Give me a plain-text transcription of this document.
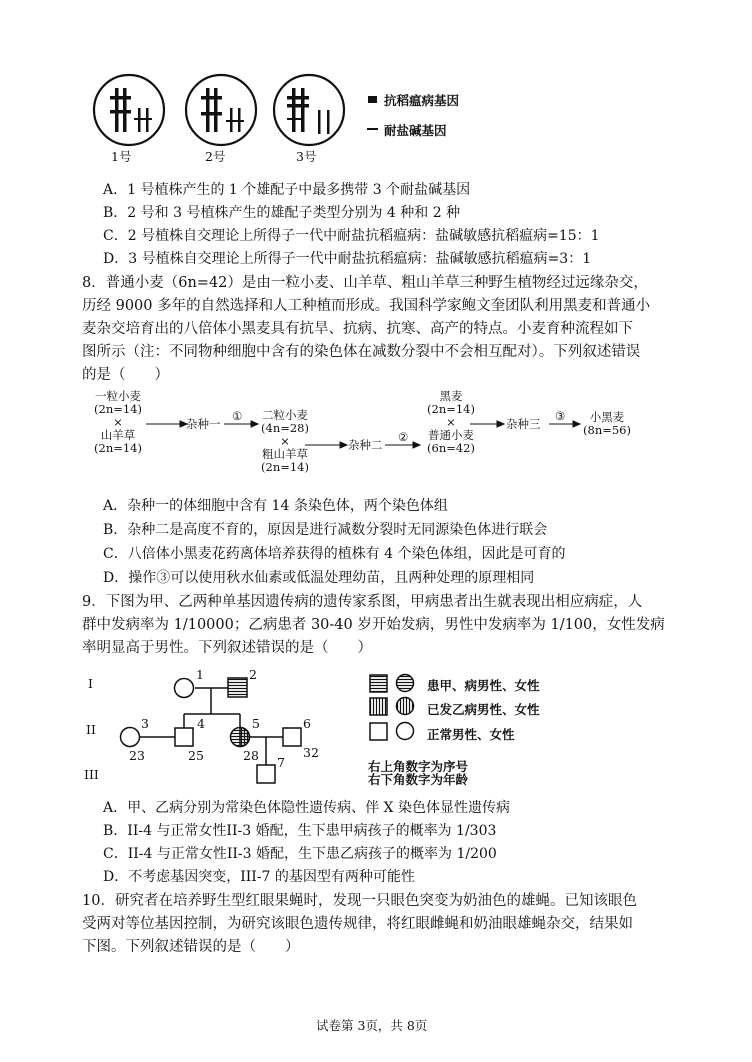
1号	2号	3号
抗稻瘟病基因
耐盐碱基因
A．1 号植株产生的 1 个雄配子中最多携带 3 个耐盐碱基因
B．2 号和 3 号植株产生的雄配子类型分别为 4 种和 2 种
C．2 号植株自交理论上所得子一代中耐盐抗稻瘟病：盐碱敏感抗稻瘟病=15：1
D．3 号植株自交理论上所得子一代中耐盐抗稻瘟病：盐碱敏感抗稻瘟病=3：1
8．普通小麦（6n=42）是由一粒小麦、山羊草、粗山羊草三种野生植物经过远缘杂交，
历经 9000 多年的自然选择和人工种植而形成。我国科学家鲍文奎团队利用黑麦和普通小
麦杂交培育出的八倍体小黑麦具有抗旱、抗病、抗寒、高产的特点。小麦育种流程如下
图所示（注：不同物种细胞中含有的染色体在减数分裂中不会相互配对）。下列叙述错误
的是（　　）
一粒小麦
(2n=14)
×
山羊草
(2n=14)
杂种一
①	二粒小麦
(4n=28)
×
粗山羊草
(2n=14)
杂种二
②
黑麦
(2n=14)
×
普通小麦
(6n=42)
杂种三
③	小黑麦
(8n=56)
A．杂种一的体细胞中含有 14 条染色体，两个染色体组
B．杂种二是高度不育的，原因是进行减数分裂时无同源染色体进行联会
C．八倍体小黑麦花药离体培养获得的植株有 4 个染色体组，因此是可育的
D．操作③可以使用秋水仙素或低温处理幼苗，且两种处理的原理相同
9．下图为甲、乙两种单基因遗传病的遗传家系图，甲病患者出生就表现出相应病症，人
群中发病率为 1/10000；乙病患者 30-40 岁开始发病，男性中发病率为 1/100，女性发病
率明显高于男性。下列叙述错误的是（　　）
I
II
III
1	2
3	4	5	6
7
23	25	28	32
患甲、病男性、女性
已发乙病男性、女性
正常男性、女性
右上角数字为序号
右下角数字为年龄
A．甲、乙病分别为常染色体隐性遗传病、伴 X 染色体显性遗传病
B．II-4 与正常女性II-3 婚配，生下患甲病孩子的概率为 1/303
C．II-4 与正常女性II-3 婚配，生下患乙病孩子的概率为 1/200
D．不考虑基因突变，III-7 的基因型有两种可能性
10．研究者在培养野生型红眼果蝇时，发现一只眼色突变为奶油色的雄蝇。已知该眼色
受两对等位基因控制，为研究该眼色遗传规律，将红眼雌蝇和奶油眼雄蝇杂交，结果如
下图。下列叙述错误的是（　　）
试卷第 3页，共 8页
